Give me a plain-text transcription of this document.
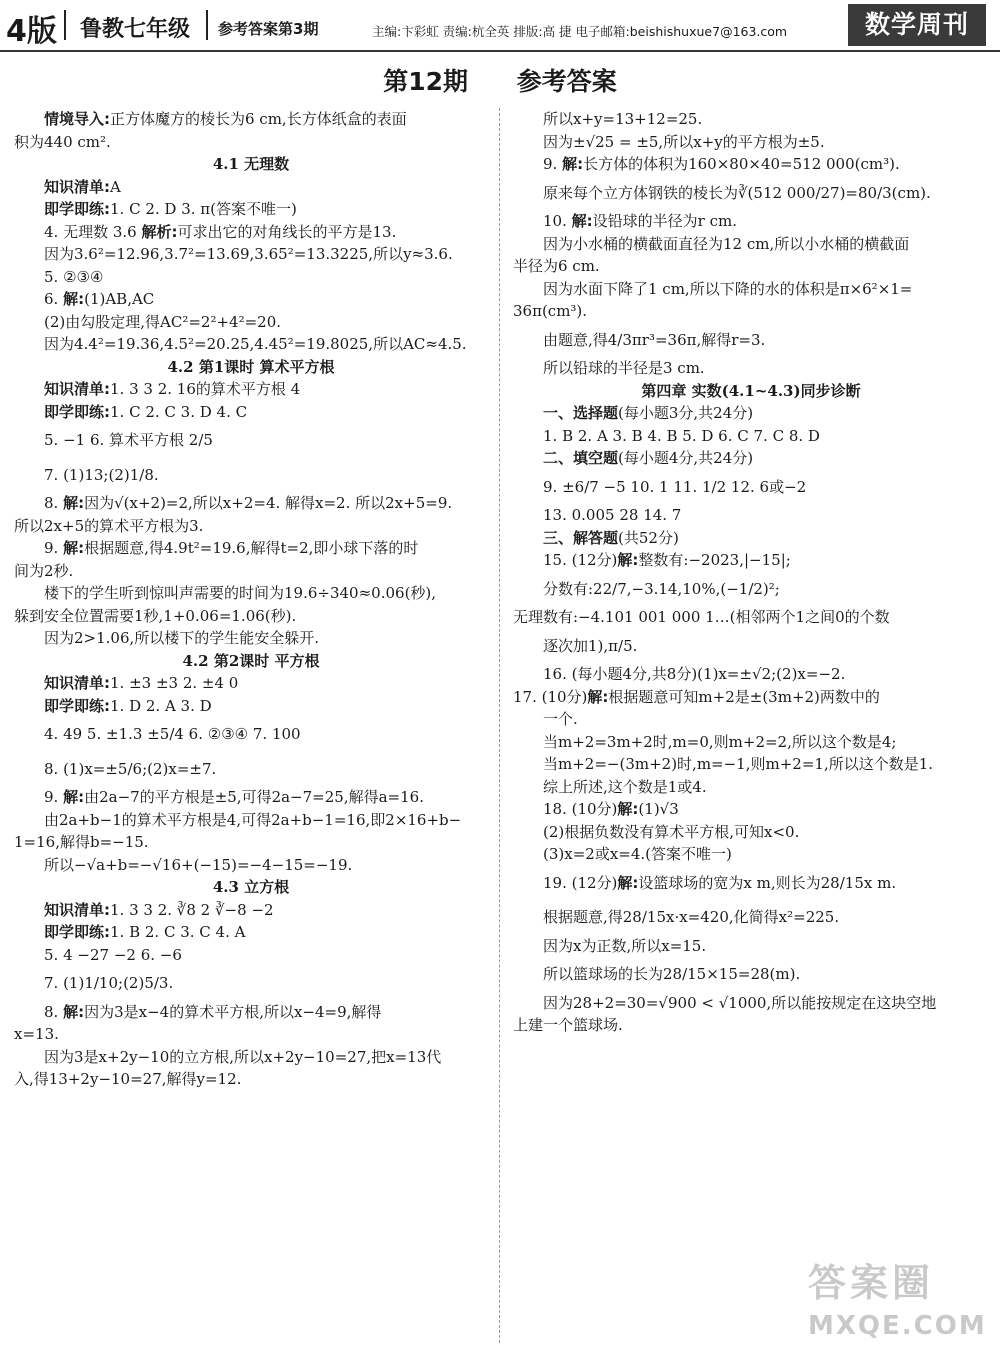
4版 鲁教七年级 参考答案第3期	主编:卞彩虹 责编:杭全英 排版:高 捷 电子邮箱:beishishuxue7@163.com	数学周刊
第12期 参考答案

情境导入:正方体魔方的棱长为6 cm,长方体纸盒的表面

积为440 cm².

4.1 无理数

知识清单:A

即学即练:1. C 2. D 3. π(答案不唯一)

4. 无理数 3.6 解析:可求出它的对角线长的平方是13.

因为3.6²=12.96,3.7²=13.69,3.65²=13.3225,所以y≈3.6.

5. ②③④

6. 解:(1)AB,AC

(2)由勾股定理,得AC²=2²+4²=20.

因为4.4²=19.36,4.5²=20.25,4.45²=19.8025,所以AC≈4.5.

4.2 第1课时 算术平方根

知识清单:1. 3 3 2. 16的算术平方根 4

即学即练:1. C 2. C 3. D 4. C

5. −1 6. 算术平方根 2/5

7. (1)13;(2)1/8.

8. 解:因为√(x+2)=2,所以x+2=4. 解得x=2. 所以2x+5=9.

所以2x+5的算术平方根为3.

9. 解:根据题意,得4.9t²=19.6,解得t=2,即小球下落的时

间为2秒.

楼下的学生听到惊叫声需要的时间为19.6÷340≈0.06(秒),

躲到安全位置需要1秒,1+0.06=1.06(秒).

因为2>1.06,所以楼下的学生能安全躲开.

4.2 第2课时 平方根

知识清单:1. ±3 ±3 2. ±4 0

即学即练:1. D 2. A 3. D

4. 49 5. ±1.3 ±5/4 6. ②③④ 7. 100

8. (1)x=±5/6;(2)x=±7.

9. 解:由2a−7的平方根是±5,可得2a−7=25,解得a=16.

由2a+b−1的算术平方根是4,可得2a+b−1=16,即2×16+b−

1=16,解得b=−15.

所以−√a+b=−√16+(−15)=−4−15=−19.

4.3 立方根

知识清单:1. 3 3 2. ∛8 2 ∛−8 −2

即学即练:1. B 2. C 3. C 4. A

5. 4 −27 −2 6. −6

7. (1)1/10;(2)5/3.

8. 解:因为3是x−4的算术平方根,所以x−4=9,解得

x=13.

因为3是x+2y−10的立方根,所以x+2y−10=27,把x=13代

入,得13+2y−10=27,解得y=12.

所以x+y=13+12=25.

因为±√25 = ±5,所以x+y的平方根为±5.

9. 解:长方体的体积为160×80×40=512 000(cm³).

原来每个立方体钢铁的棱长为∛(512 000/27)=80/3(cm).

10. 解:设铅球的半径为r cm.

因为小水桶的横截面直径为12 cm,所以小水桶的横截面

半径为6 cm.

因为水面下降了1 cm,所以下降的水的体积是π×6²×1=

36π(cm³).

由题意,得4/3πr³=36π,解得r=3.

所以铅球的半径是3 cm.

第四章 实数(4.1~4.3)同步诊断

一、选择题(每小题3分,共24分)

1. B 2. A 3. B 4. B 5. D 6. C 7. C 8. D

二、填空题(每小题4分,共24分)

9. ±6/7 −5 10. 1 11. 1/2 12. 6或−2

13. 0.005 28 14. 7

三、解答题(共52分)

15. (12分)解:整数有:−2023,|−15|;

分数有:22/7,−3.14,10%,(−1/2)²;

无理数有:−4.101 001 000 1…(相邻两个1之间0的个数

逐次加1),π/5.

16. (每小题4分,共8分)(1)x=±√2;(2)x=−2.

17. (10分)解:根据题意可知m+2是±(3m+2)两数中的

一个.

当m+2=3m+2时,m=0,则m+2=2,所以这个数是4;

当m+2=−(3m+2)时,m=−1,则m+2=1,所以这个数是1.

综上所述,这个数是1或4.

18. (10分)解:(1)√3

(2)根据负数没有算术平方根,可知x<0.

(3)x=2或x=4.(答案不唯一)

19. (12分)解:设篮球场的宽为x m,则长为28/15x m.

根据题意,得28/15x·x=420,化简得x²=225.

因为x为正数,所以x=15.

所以篮球场的长为28/15×15=28(m).

因为28+2=30=√900 < √1000,所以能按规定在这块空地

上建一个篮球场.

答案圈
MXQE.COM
